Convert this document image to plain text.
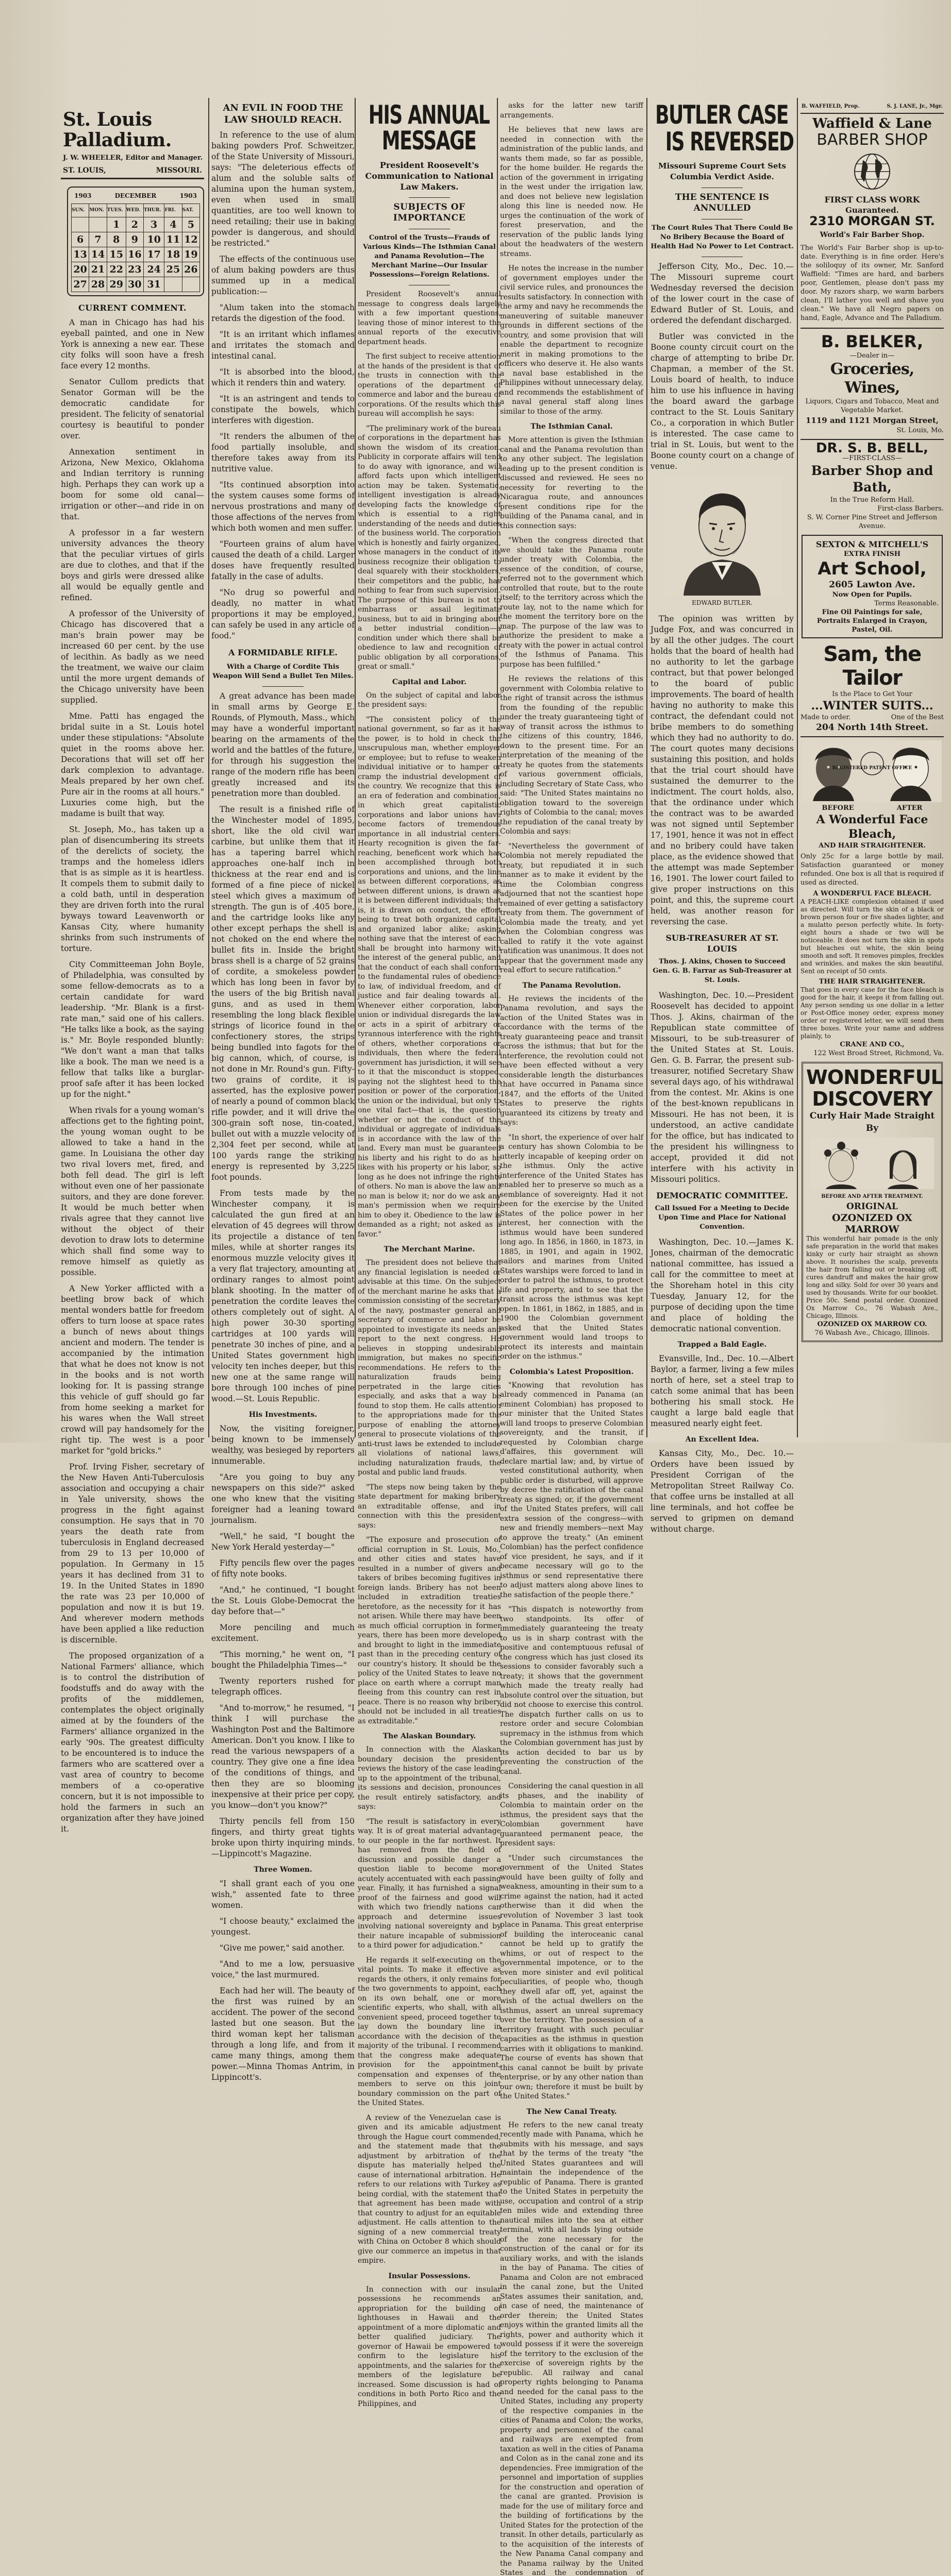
St. Louis Palladium.
J. W. WHEELER, Editor and Manager.
ST. LOUIS,	MISSOURI.
1903	DECEMBER	1903
SUN.	MON.	TUES.	WED.	THUR.	FRI.	SAT.
		1	2	3	4	5
6	7	8	9	10	11	12
13	14	15	16	17	18	19
20	21	22	23	24	25	26
27	28	29	30	31		
CURRENT COMMENT.

A man in Chicago has had his eyeball painted, and one in New York is annexing a new ear. These city folks will soon have a fresh face every 12 months.

Senator Cullom predicts that Senator Gorman will be the democratic candidate for president. The felicity of senatorial courtesy is beautiful to ponder over.

Annexation sentiment in Arizona, New Mexico, Oklahoma and Indian territory is running high. Perhaps they can work up a boom for some old canal—irrigation or other—and ride in on that.

A professor in a far western university advances the theory that the peculiar virtues of girls are due to clothes, and that if the boys and girls were dressed alike all would be equally gentle and refined.

A professor of the University of Chicago has discovered that a man's brain power may be increased 60 per cent. by the use of lecithin. As badly as we need the treatment, we waive our claim until the more urgent demands of the Chicago university have been supplied.

Mme. Patti has engaged the bridal suite in a St. Louis hotel under these stipulations: "Absolute quiet in the rooms above her. Decorations that will set off her dark complexion to advantage. Meals prepared by her own chef. Pure air in the rooms at all hours." Luxuries come high, but the madame is built that way.

St. Joseph, Mo., has taken up a plan of disencumbering its streets of the derelicts of society, the tramps and the homeless idlers that is as simple as it is heartless. It compels them to submit daily to a cold bath, until in desperation they are driven forth into the rural byways toward Leavenworth or Kansas City, where humanity shrinks from such instruments of torture.

City Committeeman John Boyle, of Philadelphia, was consulted by some fellow-democrats as to a certain candidate for ward leadership. "Mr. Blank is a first-rate man," said one of his callers. "He talks like a book, as the saying is." Mr. Boyle responded bluntly: "We don't want a man that talks like a book. The man we need is a fellow that talks like a burglar-proof safe after it has been locked up for the night."

When rivals for a young woman's affections get to the fighting point, the young woman ought to be allowed to take a hand in the game. In Louisiana the other day two rival lovers met, fired, and both fell dead. The girl is left without even one of her passionate suitors, and they are done forever. It would be much better when rivals agree that they cannot live without the object of their devotion to draw lots to determine which shall find some way to remove himself as quietly as possible.

A New Yorker afflicted with a beetling brow back of which mental wonders battle for freedom offers to turn loose at space rates a bunch of news about things ancient and modern. The tender is accompanied by the intimation that what he does not know is not in the books and is not worth looking for. It is passing strange this vehicle of guff should go far from home seeking a market for his wares when the Wall street crowd will pay handsomely for the right tip. The west is a poor market for "gold bricks."

Prof. Irving Fisher, secretary of the New Haven Anti-Tuberculosis association and occupying a chair in Yale university, shows the progress in the fight against consumption. He says that in 70 years the death rate from tuberculosis in England decreased from 29 to 13 per 10,000 of population. In Germany in 15 years it has declined from 31 to 19. In the United States in 1890 the rate was 23 per 10,000 of population and now it is but 19. And wherever modern methods have been applied a like reduction is discernible.

The proposed organization of a National Farmers' alliance, which is to control the distribution of foodstuffs and do away with the profits of the middlemen, contemplates the object originally aimed at by the founders of the Farmers' alliance organized in the early '90s. The greatest difficulty to be encountered is to induce the farmers who are scattered over a vast area of country to become members of a co-operative concern, but it is not impossible to hold the farmers in such an organization after they have joined it.

AN EVIL IN FOOD THE LAW SHOULD REACH.

In reference to the use of alum baking powders Prof. Schweitzer, of the State University of Missouri, says: "The deleterious effects of alum and the soluble salts of alumina upon the human system, even when used in small quantities, are too well known to need retailing; their use in baking powder is dangerous, and should be restricted."

The effects of the continuous use of alum baking powders are thus summed up in a medical publication:—

"Alum taken into the stomach retards the digestion of the food.

"It is an irritant which inflames and irritates the stomach and intestinal canal.

"It is absorbed into the blood, which it renders thin and watery.

"It is an astringent and tends to constipate the bowels, which interferes with digestion.

"It renders the albumen of the food partially insoluble, and therefore takes away from its nutritive value.

"Its continued absorption into the system causes some forms of nervous prostrations and many of those affections of the nerves from which both women and men suffer.

"Fourteen grains of alum have caused the death of a child. Larger doses have frequently resulted fatally in the case of adults.

"No drug so powerful and deadly, no matter in what proportions it may be employed, can safely be used in any article of food."

A FORMIDABLE RIFLE.
With a Charge of Cordite This Weapon Will Send a Bullet Ten Miles.

A great advance has been made in small arms by George E. Rounds, of Plymouth, Mass., which may have a wonderful important bearing on the armaments of the world and the battles of the future, for through his suggestion the range of the modern rifle has been greatly increased and its penetration more than doubled.

The result is a finished rifle of the Winchester model of 1895, short, like the old civil war carbine, but unlike them that it has a tapering barrel which approaches one-half inch in thickness at the rear end and is formed of a fine piece of nickel steel which gives a maximum of strength. The gun is of .405 bore, and the cartridge looks like any other except perhaps the shell is not choked on the end where the bullet fits in. Inside the bright brass shell is a charge of 52 grains of cordite, a smokeless powder which has long been in favor by the users of the big British naval guns, and as used in them resembling the long black flexible strings of licorice found in the confectionery stores, the strips being bundled into fagots for the big cannon, which, of course, is not done in Mr. Round's gun. Fifty-two grains of cordite, it is asserted, has the explosive power of nearly a pound of common black rifle powder, and it will drive the 300-grain soft nose, tin-coated, bullet out with a muzzle velocity of 2,304 feet per second, while at 100 yards range the striking energy is represented by 3,225 foot pounds.

From tests made by the Winchester company, it is calculated the gun fired at an elevation of 45 degrees will throw its projectile a distance of ten miles, while at shorter ranges its enormous muzzle velocity gives it a very flat trajectory, amounting at ordinary ranges to almost point blank shooting. In the matter of penetration the cordite leaves the others completely out of sight. A high power 30-30 sporting cartridges at 100 yards will penetrate 30 inches of pine, and a United States government high velocity ten inches deeper, but this new one at the same range will bore through 100 inches of pine wood.—St. Louis Republic.

His Investments.

Now, the visiting foreigner, being known to be immensely wealthy, was besieged by reporters innumerable.

"Are you going to buy any newspapers on this side?" asked one who knew that the visiting foreigner had a leaning toward journalism.

"Well," he said, "I bought the New York Herald yesterday—"

Fifty pencils flew over the pages of fifty note books.

"And," he continued, "I bought the St. Louis Globe-Democrat the day before that—"

More penciling and much excitement.

"This morning," he went on, "I bought the Philadelphia Times—"

Twenty reporters rushed for telegraph offices.

"And to-morrow," he resumed, "I think I will purchase the Washington Post and the Baltimore American. Don't you know. I like to read the various newspapers of a country. They give one a fine idea of the conditions of things, and then they are so blooming inexpensive at their price per copy, you know—don't you know?"

Thirty pencils fell from 150 fingers, and thirty great tights broke upon thirty inquiring minds.—Lippincott's Magazine.

Three Women.

"I shall grant each of you one wish," assented fate to three women.

"I choose beauty," exclaimed the youngest.

"Give me power," said another.

"And to me a low, persuasive voice," the last murmured.

Each had her will. The beauty of the first was ruined by an accident. The power of the second lasted but one season. But the third woman kept her talisman through a long life, and from it came many things, among them power.—Minna Thomas Antrim, in Lippincott's.

HIS ANNUAL MESSAGE
President Roosevelt's Communication to National Law Makers.
SUBJECTS OF IMPORTANCE
Control of the Trusts—Frauds of Various Kinds—The Isthmian Canal and Panama Revolution—The Merchant Marine—Our Insular Possessions—Foreign Relations.

President Roosevelt's annual message to congress deals largely with a few important questions, leaving those of minor interest to the annual reports of the executive department heads.

The first subject to receive attention at the hands of the president is that of the trusts in connection with the operations of the department of commerce and labor and the bureau of corporations. Of the results which this bureau will accomplish he says:

"The preliminary work of the bureau of corporations in the department has shown the wisdom of its creation. Publicity in corporate affairs will tend to do away with ignorance, and will afford facts upon which intelligent action may be taken. Systematic, intelligent investigation is already developing facts the knowledge of which is essential to a right understanding of the needs and duties of the business world. The corporation which is honestly and fairly organized, whose managers in the conduct of its business recognize their obligation to deal squarely with their stockholders, their competitors and the public, has nothing to fear from such supervision. The purpose of this bureau is not to embarrass or assail legitimate business, but to aid in bringing about a better industrial condition—a condition under which there shall be obedience to law and recognition of public obligation by all corporations, great or small."

Capital and Labor.

On the subject of capital and labor the president says:

"The consistent policy of the national government, so far as it has the power, is to hold in check the unscrupulous man, whether employer or employee; but to refuse to weaken individual initiative or to hamper or cramp the industrial development of the country. We recognize that this is an era of federation and combination, in which great capitalistic corporations and labor unions have become factors of tremendous importance in all industrial centers. Hearty recognition is given the far-reaching, beneficent work which has been accomplished through both corporations and unions, and the line as between different corporations, as between different unions, is drawn as it is between different individuals; that is, it is drawn on conduct, the effort being to treat both organized capital and organized labor alike; asking nothing save that the interest of each shall be brought into harmony with the interest of the general public, and that the conduct of each shall conform to the fundamental rules of obedience to law, of individual freedom, and of justice and fair dealing towards all. Whenever either corporation, labor union or individual disregards the law or acts in a spirit of arbitrary or tyrannous interference with the rights of others, whether corporations or individuals, then where the federal government has jurisdiction, it will see to it that the misconduct is stopped, paying not the slightest heed to the position or power of the corporation, the union or the individual, but only to one vital fact—that is, the question whether or not the conduct of the individual or aggregate of individuals is in accordance with the law of the land. Every man must be guaranteed his liberty and his right to do as he likes with his property or his labor, so long as he does not infringe the rights of others. No man is above the law and no man is below it; nor do we ask any man's permission when we require him to obey it. Obedience to the law is demanded as a right; not asked as a favor."

The Merchant Marine.

The president does not believe that any financial legislation is needed or advisable at this time. On the subject of the merchant marine he asks that a commission consisting of the secretary of the navy, postmaster general and secretary of commerce and labor be appointed to investigate its needs and report to the next congress. He believes in stopping undesirable immigration, but makes no specific recommendations. He refers to the naturalization frauds being perpetrated in the large cities especially, and asks that a way be found to stop them. He calls attention to the appropriations made for the purpose of enabling the attorney general to prosecute violations of the anti-trust laws be extended to include all violations of national laws, including naturalization frauds, the postal and public land frauds.

"The steps now being taken by the state department for making bribery an extraditable offense, and in connection with this the president says:

"The exposure and prosecution of official corruption in St. Louis, Mo., and other cities and states have resulted in a number of givers and takers of bribes becoming fugitives in foreign lands. Bribery has not been included in extradition treaties heretofore, as the necessity for it has not arisen. While there may have been as much official corruption in former years, there has been more developed and brought to light in the immediate past than in the preceding century of our country's history. It should be the policy of the United States to leave no place on earth where a corrupt man fleeing from this country can rest in peace. There is no reason why bribery should not be included in all treaties as extraditable."

The Alaskan Boundary.

In connection with the Alaskan boundary decision the president reviews the history of the case leading up to the appointment of the tribunal, its sessions and decision, pronounces the result entirely satisfactory, and says:

"The result is satisfactory in every way. It is of great material advantage to our people in the far northwest. It has removed from the field of discussion and possible danger a question liable to become more acutely accentuated with each passing year. Finally, it has furnished a signal proof of the fairness and good will with which two friendly nations can approach and determine issues involving national sovereignty and by their nature incapable of submission to a third power for adjudication."

He regards it self-executing on the vital points. To make it effective as regards the others, it only remains for the two governments to appoint, each on its own behalf, one or more scientific experts, who shall, with all convenient speed, proceed together to lay down the boundary line in accordance with the decision of the majority of the tribunal. I recommend that the congress make adequate provision for the appointment, compensation and expenses of the members to serve on this joint boundary commission on the part of the United States.

A review of the Venezuelan case is given and its amicable adjustment through the Hague court commended, and the statement made that the adjustment by arbitration of the dispute has materially helped the cause of international arbitration. He refers to our relations with Turkey as being cordial, with the statement that that agreement has been made with that country to adjust for an equitable adjustment. He calls attention to the signing of a new commercial treaty with China on October 8 which should give our commerce an impetus in that empire.

Insular Possessions.

In connection with our insular possessions he recommends an appropriation for the building of lighthouses in Hawaii and the appointment of a more diplomatic and better qualified judiciary. The governor of Hawaii be empowered to confirm to the legislature his appointments, and the salaries for the members of the legislature be increased. Some discussion is had of conditions in both Porto Rico and the Philippines, and

asks for the latter new tariff arrangements.

He believes that new laws are needed in connection with the administration of the public lands, and wants them made, so far as possible, for the home builder. He regards the action of the government in irrigating in the west under the irrigation law, and does not believe new legislation along this line is needed now. He urges the continuation of the work of forest preservation, and the reservation of the public lands lying about the headwaters of the western streams.

He notes the increase in the number of government employes under the civil service rules, and pronounces the results satisfactory. In connection with the army and navy he recommends the maneuvering of suitable maneuver grounds in different sections of the country, and some provision that will enable the department to recognize merit in making promotions to the officers who deserve it. He also wants a naval base established in the Philippines without unnecessary delay, and recommends the establishment of a naval general staff along lines similar to those of the army.

The Isthmian Canal.

More attention is given the Isthmian canal and the Panama revolution than to any other subject. The legislation leading up to the present condition is discussed and reviewed. He sees no necessity for reverting to the Nicaragua route, and announces present conditions ripe for the building of the Panama canal, and in this connection says:

"When the congress directed that we should take the Panama route under treaty with Colombia, the essence of the condition, of course, referred not to the government which controlled that route, but to the route itself; to the territory across which the route lay, not to the name which for the moment the territory bore on the map. The purpose of the law was to authorize the president to make a treaty with the power in actual control of the Isthmus of Panama. This purpose has been fulfilled."

He reviews the relations of this government with Colombia relative to the right of transit across the isthmus from the founding of the republic under the treaty guaranteeing tight of way of transit across the isthmus to the citizens of this country, 1846, down to the present time. For an interpretation of the meaning of the treaty he quotes from the statements of various government officials, including Secretary of State Cass, who said: "The United States maintains no obligation toward to the sovereign rights of Colombia to the canal; moves the repudiation of the canal treaty by Colombia and says:

"Nevertheless the government of Colombia not merely repudiated the treaty, but repudiated it in such manner as to make it evident by the time the Colombian congress adjourned that not the scantiest hope remained of ever getting a satisfactory treaty from them. The government of Colombia made the treaty, and yet when the Colombian congress was called to ratify it the vote against ratification was unanimous. It does not appear that the government made any real effort to secure ratification."

The Panama Revolution.

He reviews the incidents of the Panama revolution, and says the action of the United States was in accordance with the terms of the treaty guaranteeing peace and transit across the isthmus; that but for the interference, the revolution could not have been effected without a very considerable length the disturbances that have occurred in Panama since 1847, and the efforts of the United States to preserve the rights guaranteed its citizens by treaty and says:

"In short, the experience of over half a century has shown Colombia to be utterly incapable of keeping order on the isthmus. Only the active interference of the United States has enabled her to preserve so much as a semblance of sovereignty. Had it not been for the exercise by the United States of the police power in her interest, her connection with the isthmus would have been sundered long ago. In 1856, in 1860, in 1873, in 1885, in 1901, and again in 1902, sailors and marines from United States warships were forced to land in order to patrol the isthmus, to protect life and property, and to see that the transit across the isthmus was kept open. In 1861, in 1862, in 1885, and in 1900 the Colombian government asked that the United States government would land troops to protect its interests and maintain order on the isthmus."

Colombia's Latest Proposition.

"Knowing that revolution has already commenced in Panama (an eminent Colombian) has proposed to our minister that the United States will land troops to preserve Colombian sovereignty, and the transit, if requested by Colombian charge d'affaires, this government will declare martial law; and, by virtue of vested constitutional authority, when public order is disturbed, will approve by decree the ratification of the canal treaty as signed; or, if the government of the United States prefers, will call extra session of the congress—with new and friendly members—next May to approve the treaty." (An eminent Colombian) has the perfect confidence of vice president, he says, and if it became necessary will go to the isthmus or send representative there to adjust matters along above lines to the satisfaction of the people there."

"This dispatch is noteworthy from two standpoints. Its offer of immediately guaranteeing the treaty to us is in sharp contrast with the positive and contemptuous refusal of the congress which has just closed its sessions to consider favorably such a treaty; it shows that the government which made the treaty really had absolute control over the situation, but did not choose to exercise this control. The dispatch further calls on us to restore order and secure Colombian supremacy in the isthmus from which the Colombian government has just by its action decided to bar us by preventing the construction of the canal.

Considering the canal question in all its phases, and the inability of Colombia to maintain order on the isthmus, the president says that the Colombian government have guaranteed permanent peace, the president says:

"Under such circumstances the government of the United States would have been guilty of folly and weakness, amounting in their sum to a crime against the nation, had it acted otherwise than it did when the revolution of November 3 last took place in Panama. This great enterprise of building the interoceanic canal cannot be held up to gratify the whims, or out of respect to the governmental impotence, or to the even more sinister and evil political peculiarities, of people who, though they dwell afar off, yet, against the wish of the actual dwellers on the isthmus, assert an unreal supremacy over the territory. The possession of a territory fraught with such peculiar capacities as the isthmus in question carries with it obligations to mankind. The course of events has shown that this canal cannot be built by private enterprise, or by any other nation than our own; therefore it must be built by the United States."

The New Canal Treaty.

He refers to the new canal treaty recently made with Panama, which he submits with his message, and says that by the terms of the treaty "the United States guarantees and will maintain the independence of the republic of Panama. There is granted to the United States in perpetuity the use, occupation and control of a strip ten miles wide and extending three nautical miles into the sea at either terminal, with all lands lying outside of the zone necessary for the construction of the canal or for its auxiliary works, and with the islands in the bay of Panama. The cities of Panama and Colon are not embraced in the canal zone, but the United States assumes their sanitation, and, in case of need, the maintenance of order therein; the United States enjoys within the granted limits all the rights, power and authority which it would possess if it were the sovereign of the territory to the exclusion of the exercise of sovereign rights by the republic. All railway and canal property rights belonging to Panama and needed for the canal pass to the United States, including any property of the respective companies in the cities of Panama and Colon; the works, property and personnel of the canal and railways are exempted from taxation as well in the cities of Panama and Colon as in the canal zone and its dependencies. Free immigration of the personnel and importation of supplies for the construction and operation of the canal are granted. Provision is made for the use of military force and the building of fortifications by the United States for the protection of the transit. In other details, particularly as to the acquisition of the interests of the New Panama Canal company and the Panama railway by the United States and the condemnation of

BUTLER CASE
IS REVERSED
Missouri Supreme Court Sets Columbia Verdict Aside.
THE SENTENCE IS ANNULLED
The Court Rules That There Could Be No Bribery Because the Board of Health Had No Power to Let Contract.

Jefferson City, Mo., Dec. 10.—The Missouri supreme court Wednesday reversed the decision of the lower court in the case of Edward Butler of St. Louis, and ordered the defendant discharged.

Butler was convicted in the Boone county circuit court on the charge of attempting to bribe Dr. Chapman, a member of the St. Louis board of health, to induce him to use his influence in having the board award the garbage contract to the St. Louis Sanitary Co., a corporation in which Butler is interested. The case came to trial in St. Louis, but went to the Boone county court on a change of venue.

EDWARD BUTLER.

The opinion was written by Judge Fox, and was concurred in by all the other judges. The court holds that the board of health had no authority to let the garbage contract, but that power belonged to the board of public improvements. The board of health having no authority to make this contract, the defendant could not bribe members to do something which they had no authority to do. The court quotes many decisions sustaining this position, and holds that the trial court should have sustained the demurrer to the indictment. The court holds, also, that the ordinance under which the contract was to be awarded was not signed until September 17, 1901, hence it was not in effect and no bribery could have taken place, as the evidence showed that the attempt was made September 16, 1901. The lower court failed to give proper instructions on this point, and this, the supreme court held, was another reason for reversing the case.

SUB-TREASURER AT ST. LOUIS
Thos. J. Akins, Chosen to Succeed Gen. G. B. Farrar as Sub-Treasurer at St. Louis.

Washington, Dec. 10.—President Roosevelt has decided to appoint Thos. J. Akins, chairman of the Republican state committee of Missouri, to be sub-treasurer of the United States at St. Louis. Gen. G. B. Farrar, the present sub-treasurer, notified Secretary Shaw several days ago, of his withdrawal from the contest. Mr. Akins is one of the best-known republicans in Missouri. He has not been, it is understood, an active candidate for the office, but has indicated to the president his willingness to accept, provided it did not interfere with his activity in Missouri politics.

DEMOCRATIC COMMITTEE.
Call Issued For a Meeting to Decide Upon Time and Place for National Convention.

Washington, Dec. 10.—James K. Jones, chairman of the democratic national committee, has issued a call for the committee to meet at the Shoreham hotel in this city Tuesday, January 12, for the purpose of deciding upon the time and place of holding the democratic national convention.

Trapped a Bald Eagle.

Evansville, Ind., Dec. 10.—Albert Baylor, a farmer, living a few miles north of here, set a steel trap to catch some animal that has been bothering his small stock. He caught a large bald eagle that measured nearly eight feet.

An Excellent Idea.

Kansas City, Mo., Dec. 10.—Orders have been issued by President Corrigan of the Metropolitan Street Railway Co. that coffee urns be installed at all line terminals, and hot coffee be served to gripmen on demand without charge.

B. WAFFIELD, Prop.	S. J. LANE, Jr., Mgr.
Waffield & Lane
BARBER SHOP
FIRST CLASS WORK
Guaranteed.
2310 MORGAN ST.
World's Fair Barber Shop.
The World's Fair Barber shop is up-to-date. Everything is in fine order. Here's the soliloquy of its owner, Mr. Sanford Waffield: "Times are hard, and barbers poor, Gentlemen, please don't pass my door. My razors sharp, we warm barbers clean, I'll lather you well and shave you clean." We have all Negro papers on hand, Eagle, Advance and The Palladium.
B. BELKER,
—Dealer in—
Groceries, Wines,
Liquors, Cigars and Tobacco, Meat and Vegetable Market.
1119 and 1121 Morgan Street,
St. Louis, Mo.
DR. S. B. BELL,
—FIRST-CLASS—
Barber Shop and Bath,
In the True Reform Hall.
First-class Barbers.
S. W. Corner Pine Street and Jefferson Avenue.
SEXTON & MITCHELL'S
EXTRA FINISH
Art School,
2605 Lawton Ave.
Now Open for Pupils.
Terms Reasonable.
Fine Oil Paintings for sale, Portraits Enlarged in Crayon, Pastel, Oil.
Sam, the Tailor
Is the Place to Get Your
...WINTER SUITS...
Made to order.	One of the Best
204 North 14th Street.
REGISTERED PATENT OFFICE
BEFORE	AFTER
A Wonderful Face Bleach,
AND HAIR STRAIGHTENER.
Only 25c for a large bottle by mail. Satisfaction guaranteed or money refunded. One box is all that is required if used as directed.
A WONDERFUL FACE BLEACH.
A PEACH-LIKE complexion obtained if used as directed. Will turn the skin of a black or brown person four or five shades lighter, and a mulatto person perfectly white. In forty-eight hours a shade or two will be noticeable. It does not turn the skin in spots but bleaches out white, the skin being smooth and soft. It removes pimples, freckles and wrinkles, and makes the skin beautiful. Sent on receipt of 50 cents.
THE HAIR STRAIGHTENER.
That goes in every case for the face bleach is good for the hair, it keeps it from falling out. Any person sending us one dollar in a letter or Post-Office money order, express money order or registered letter, we will send them three boxes. Write your name and address plainly, to
CRANE AND CO.,
122 West Broad Street, Richmond, Va.
WONDERFUL
DISCOVERY
Curly Hair Made Straight By
BEFORE AND AFTER TREATMENT.
ORIGINAL
OZONIZED OX MARROW
This wonderful hair pomade is the only safe preparation in the world that makes kinky or curly hair straight as shown above. It nourishes the scalp, prevents the hair from falling out or breaking off, cures dandruff and makes the hair grow long and silky. Sold for over 30 years and used by thousands. Write for our booklet. Price 50c. Send postal order. Ozonized Ox Marrow Co., 76 Wabash Ave., Chicago, Illinois.
OZONIZED OX MARROW CO.
76 Wabash Ave., Chicago, Illinois.
